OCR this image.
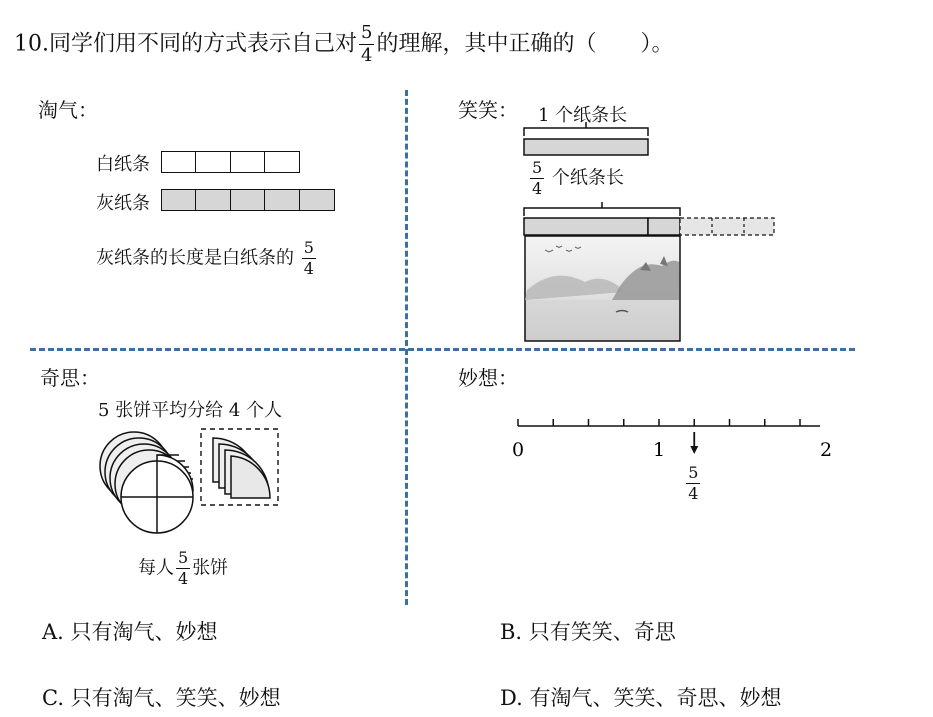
10.同学们用不同的方式表示自己对 $\frac{5}{4}$ 的理解，其中正确的（　　）。
淘气：
白纸条
灰纸条
灰纸条的长度是白纸条的 $\frac{5}{4}$
笑笑： 1 个纸条长
$\frac{5}{4}$ 个纸条长
奇思：
5 张饼平均分给 4 个人
每人 $\frac{5}{4}$ 张饼
妙想：
0	1	2
$\frac{5}{4}$
A. 只有淘气、妙想	B. 只有笑笑、奇思
C. 只有淘气、笑笑、妙想	D. 有淘气、笑笑、奇思、妙想
